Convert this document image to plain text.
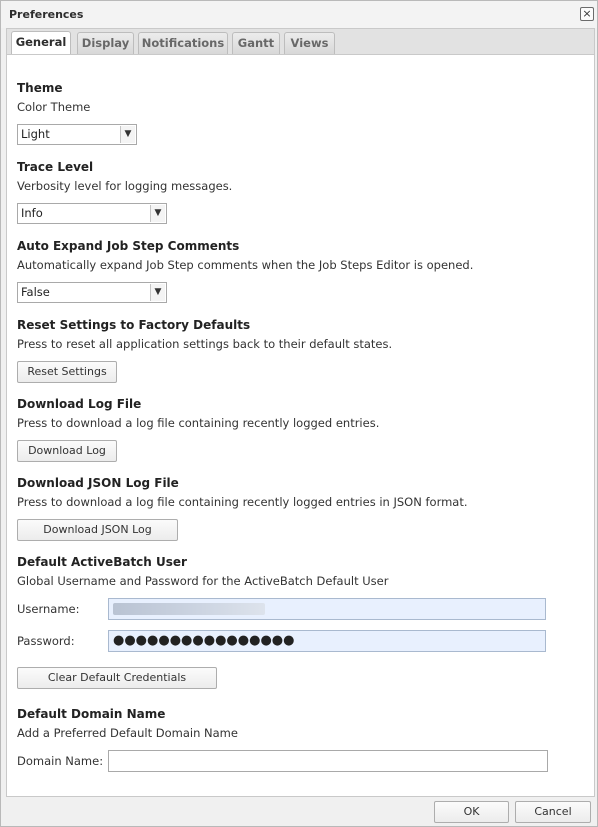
Preferences	×
General	Display	Notifications	Gantt	Views
Theme
Color Theme
Light	▼
Trace Level
Verbosity level for logging messages.
Info	▼
Auto Expand Job Step Comments
Automatically expand Job Step comments when the Job Steps Editor is opened.
False	▼
Reset Settings to Factory Defaults
Press to reset all application settings back to their default states.
Reset Settings
Download Log File
Press to download a log file containing recently logged entries.
Download Log
Download JSON Log File
Press to download a log file containing recently logged entries in JSON format.
Download JSON Log
Default ActiveBatch User
Global Username and Password for the ActiveBatch Default User
Username:
Password:	●●●●●●●●●●●●●●●●
Clear Default Credentials
Default Domain Name
Add a Preferred Default Domain Name
Domain Name:
OK	Cancel
